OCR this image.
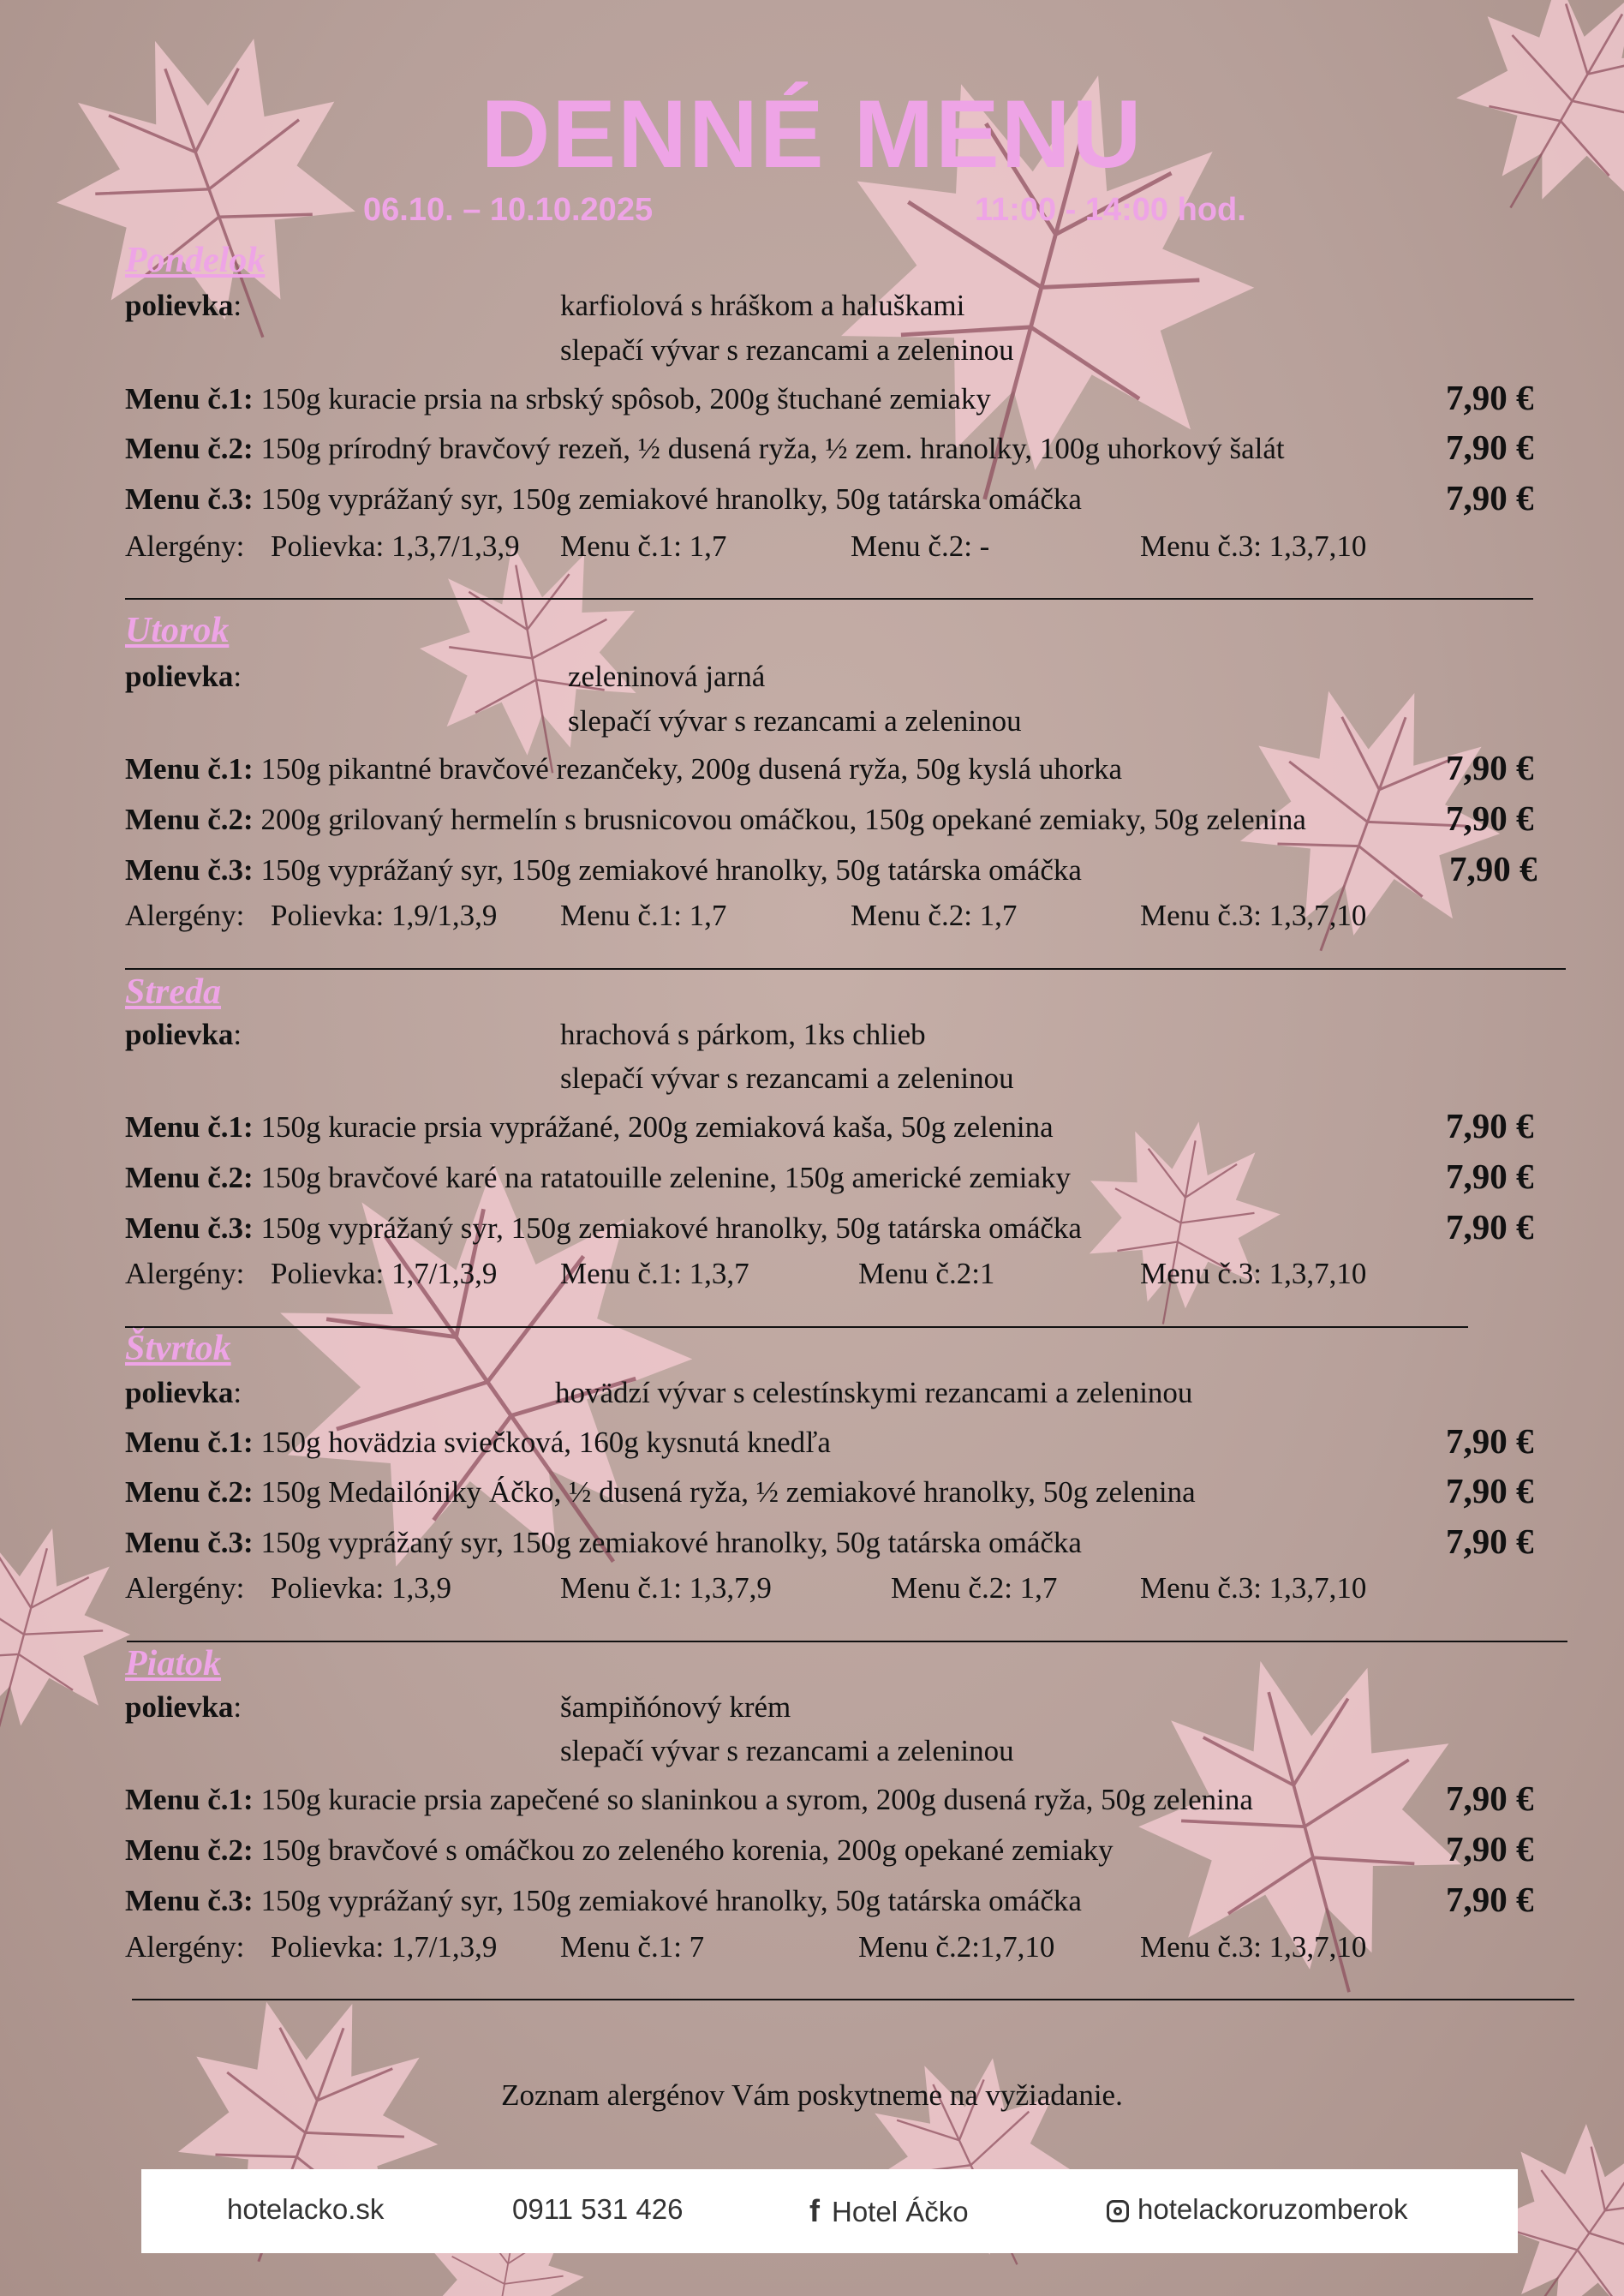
DENNÉ MENU
06.10. – 10.10.2025	11:00 - 14:00 hod.
Pondelok
polievka:	karfiolová s hráškom a haluškami
slepačí vývar s rezancami a zeleninou
Menu č.1: 150g kuracie prsia na srbský spôsob, 200g štuchané zemiaky	7,90 €
Menu č.2: 150g prírodný bravčový rezeň, ½ dusená ryža, ½ zem. hranolky, 100g uhorkový šalát	7,90 €
Menu č.3: 150g vyprážaný syr, 150g zemiakové hranolky, 50g tatárska omáčka	7,90 €
Alergény: Polievka: 1,3,7/1,3,9 Menu č.1: 1,7	Menu č.2: -	Menu č.3: 1,3,7,10
Utorok
polievka:	zeleninová jarná
slepačí vývar s rezancami a zeleninou
Menu č.1: 150g pikantné bravčové rezančeky, 200g dusená ryža, 50g kyslá uhorka	7,90 €
Menu č.2: 200g grilovaný hermelín s brusnicovou omáčkou, 150g opekané zemiaky, 50g zelenina	7,90 €
Menu č.3: 150g vyprážaný syr, 150g zemiakové hranolky, 50g tatárska omáčka	7,90 €
Alergény: Polievka: 1,9/1,3,9 Menu č.1: 1,7	Menu č.2: 1,7	Menu č.3: 1,3,7,10
Streda
polievka:	hrachová s párkom, 1ks chlieb
slepačí vývar s rezancami a zeleninou
Menu č.1: 150g kuracie prsia vyprážané, 200g zemiaková kaša, 50g zelenina	7,90 €
Menu č.2: 150g bravčové karé na ratatouille zelenine, 150g americké zemiaky	7,90 €
Menu č.3: 150g vyprážaný syr, 150g zemiakové hranolky, 50g tatárska omáčka	7,90 €
Alergény: Polievka: 1,7/1,3,9 Menu č.1: 1,3,7	Menu č.2:1	Menu č.3: 1,3,7,10
Štvrtok
polievka:	hovädzí vývar s celestínskymi rezancami a zeleninou
Menu č.1: 150g hovädzia sviečková, 160g kysnutá knedľa	7,90 €
Menu č.2: 150g Medailóniky Áčko, ½ dusená ryža, ½ zemiakové hranolky, 50g zelenina	7,90 €
Menu č.3: 150g vyprážaný syr, 150g zemiakové hranolky, 50g tatárska omáčka	7,90 €
Alergény: Polievka: 1,3,9	Menu č.1: 1,3,7,9	Menu č.2: 1,7	Menu č.3: 1,3,7,10
Piatok
polievka:	šampiňónový krém
slepačí vývar s rezancami a zeleninou
Menu č.1: 150g kuracie prsia zapečené so slaninkou a syrom, 200g dusená ryža, 50g zelenina	7,90 €
Menu č.2: 150g bravčové s omáčkou zo zeleného korenia, 200g opekané zemiaky	7,90 €
Menu č.3: 150g vyprážaný syr, 150g zemiakové hranolky, 50g tatárska omáčka	7,90 €
Alergény: Polievka: 1,7/1,3,9 Menu č.1: 7	Menu č.2:1,7,10	Menu č.3: 1,3,7,10
Zoznam alergénov Vám poskytneme na vyžiadanie.
hotelacko.sk	0911 531 426	f Hotel Áčko	hotelackoruzomberok
